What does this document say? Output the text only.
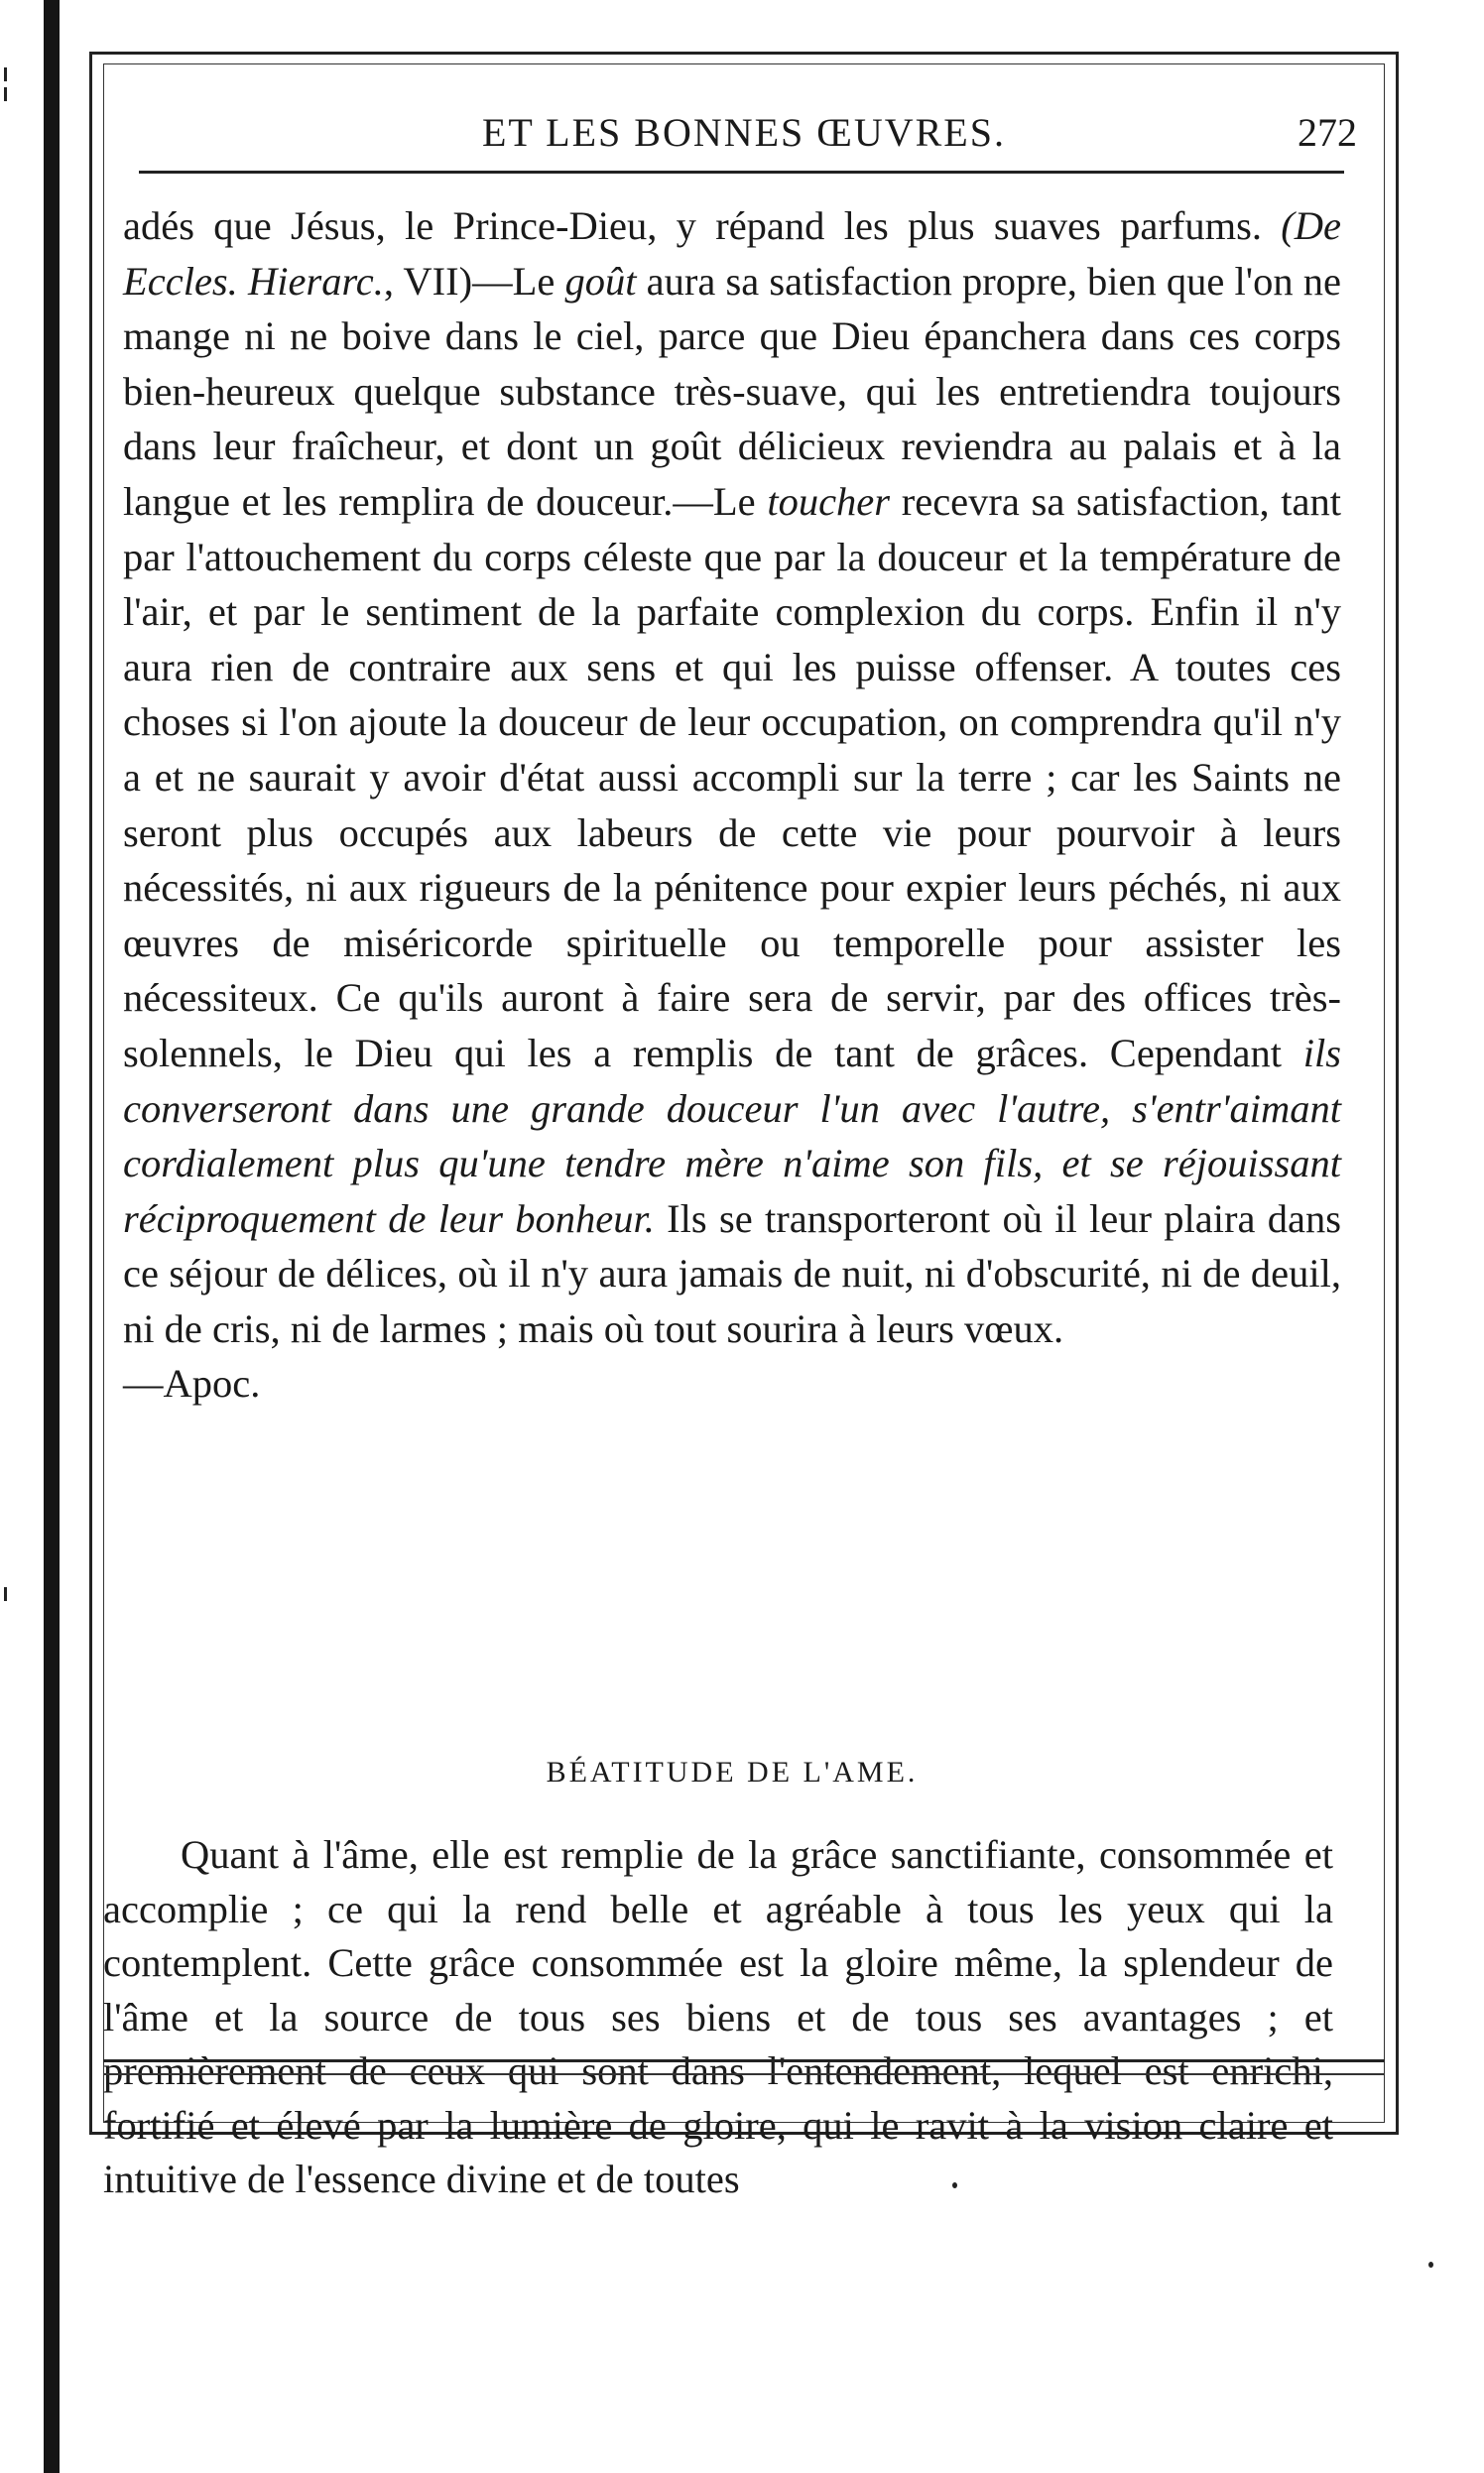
ET LES BONNES ŒUVRES.	272

adés que Jésus, le Prince-Dieu, y répand les plus suaves parfums. (De Eccles. Hierarc., VII)—Le goût aura sa satisfaction propre, bien que l'on ne mange ni ne boive dans le ciel, parce que Dieu épanchera dans ces corps bien-heureux quelque substance très-suave, qui les entretiendra toujours dans leur fraîcheur, et dont un goût délicieux reviendra au palais et à la langue et les remplira de douceur.—Le toucher recevra sa satisfaction, tant par l'attouchement du corps céleste que par la douceur et la température de l'air, et par le sentiment de la parfaite complexion du corps. Enfin il n'y aura rien de contraire aux sens et qui les puisse offenser. A toutes ces choses si l'on ajoute la douceur de leur occupation, on comprendra qu'il n'y a et ne saurait y avoir d'état aussi accompli sur la terre ; car les Saints ne seront plus occupés aux labeurs de cette vie pour pourvoir à leurs nécessités, ni aux rigueurs de la pénitence pour expier leurs péchés, ni aux œuvres de miséricorde spirituelle ou temporelle pour assister les nécessiteux. Ce qu'ils auront à faire sera de servir, par des offices très-solennels, le Dieu qui les a remplis de tant de grâces. Cependant ils converseront dans une grande douceur l'un avec l'autre, s'entr'aimant cordialement plus qu'une tendre mère n'aime son fils, et se réjouissant réciproquement de leur bonheur. Ils se transporteront où il leur plaira dans ce séjour de délices, où il n'y aura jamais de nuit, ni d'obscurité, ni de deuil, ni de cris, ni de larmes ; mais où tout sourira à leurs vœux.
—Apoc.

BÉATITUDE DE L'AME.

Quant à l'âme, elle est remplie de la grâce sanctifiante, consommée et accomplie ; ce qui la rend belle et agréable à tous les yeux qui la contemplent. Cette grâce consommée est la gloire même, la splendeur de l'âme et la source de tous ses biens et de tous ses avantages ; et premièrement de ceux qui sont dans l'entendement, lequel est enrichi, fortifié et élevé par la lumière de gloire, qui le ravit à la vision claire et intuitive de l'essence divine et de toutes
